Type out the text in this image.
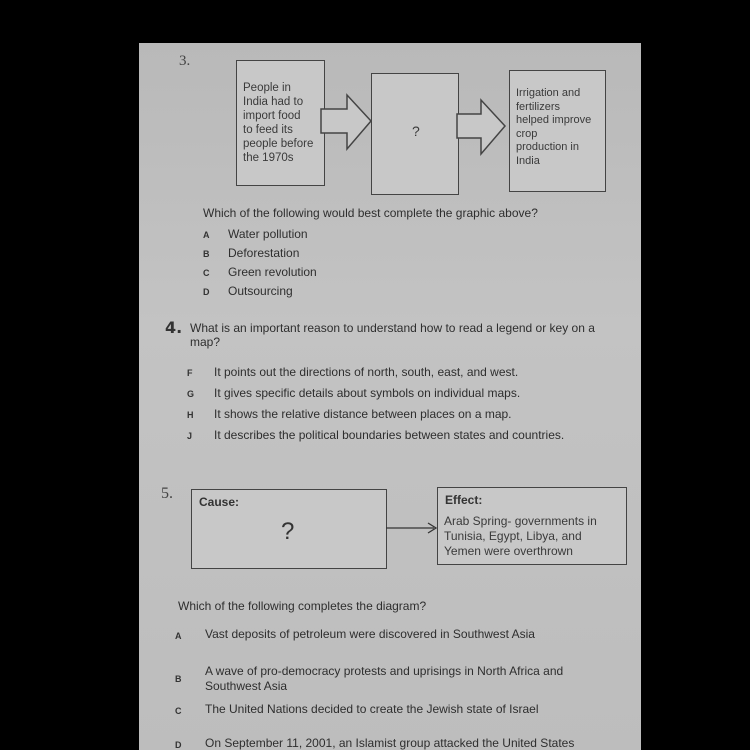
3.
People in
India had to
import food
to feed its
people before
the 1970s
?
Irrigation and
fertilizers
helped improve
crop
production in
India
Which of the following would best complete the graphic above?
A Water pollution
B Deforestation
C Green revolution
D Outsourcing
4. What is an important reason to understand how to read a legend or key on a
map?
F It points out the directions of north, south, east, and west.
G It gives specific details about symbols on individual maps.
H It shows the relative distance between places on a map.
J It describes the political boundaries between states and countries.
5. Cause:
?
Effect:
Arab Spring- governments in
Tunisia, Egypt, Libya, and
Yemen were overthrown
Which of the following completes the diagram?
A	Vast deposits of petroleum were discovered in Southwest Asia
B
A wave of pro-democracy protests and uprisings in North Africa and
Southwest Asia
C	The United Nations decided to create the Jewish state of Israel
D	On September 11, 2001, an Islamist group attacked the United States
